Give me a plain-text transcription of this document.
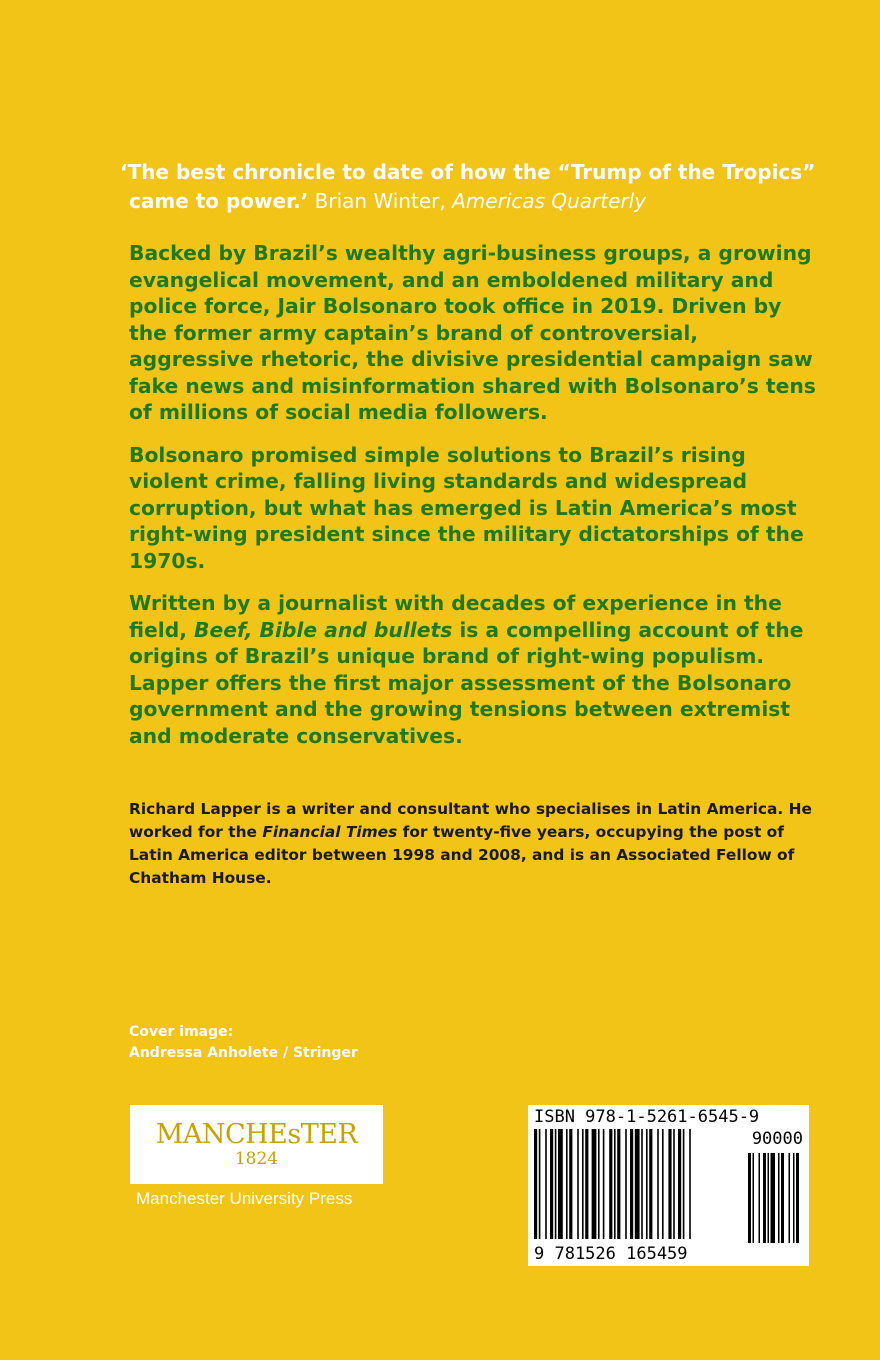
‘The best chronicle to date of how the “Trump of the Tropics”
came to power.’ Brian Winter, Americas Quarterly

Backed by Brazil’s wealthy agri-business groups, a growing evangelical movement, and an emboldened military and police force, Jair Bolsonaro took office in 2019. Driven by the former army captain’s brand of controversial, aggressive rhetoric, the divisive presidential campaign saw fake news and misinformation shared with Bolsonaro’s tens of millions of social media followers.

Bolsonaro promised simple solutions to Brazil’s rising violent crime, falling living standards and widespread corruption, but what has emerged is Latin America’s most right-wing president since the military dictatorships of the 1970s.

Written by a journalist with decades of experience in the field, Beef, Bible and bullets is a compelling account of the origins of Brazil’s unique brand of right-wing populism. Lapper offers the first major assessment of the Bolsonaro government and the growing tensions between extremist and moderate conservatives.

Richard Lapper is a writer and consultant who specialises in Latin America. He worked for the Financial Times for twenty-five years, occupying the post of Latin America editor between 1998 and 2008, and is an Associated Fellow of Chatham House.

Cover image:
Andressa Anholete / Stringer
MANCHEsTER
1824
Manchester University Press
ISBN 978-1-5261-6545-9
90000
9 781526 165459
